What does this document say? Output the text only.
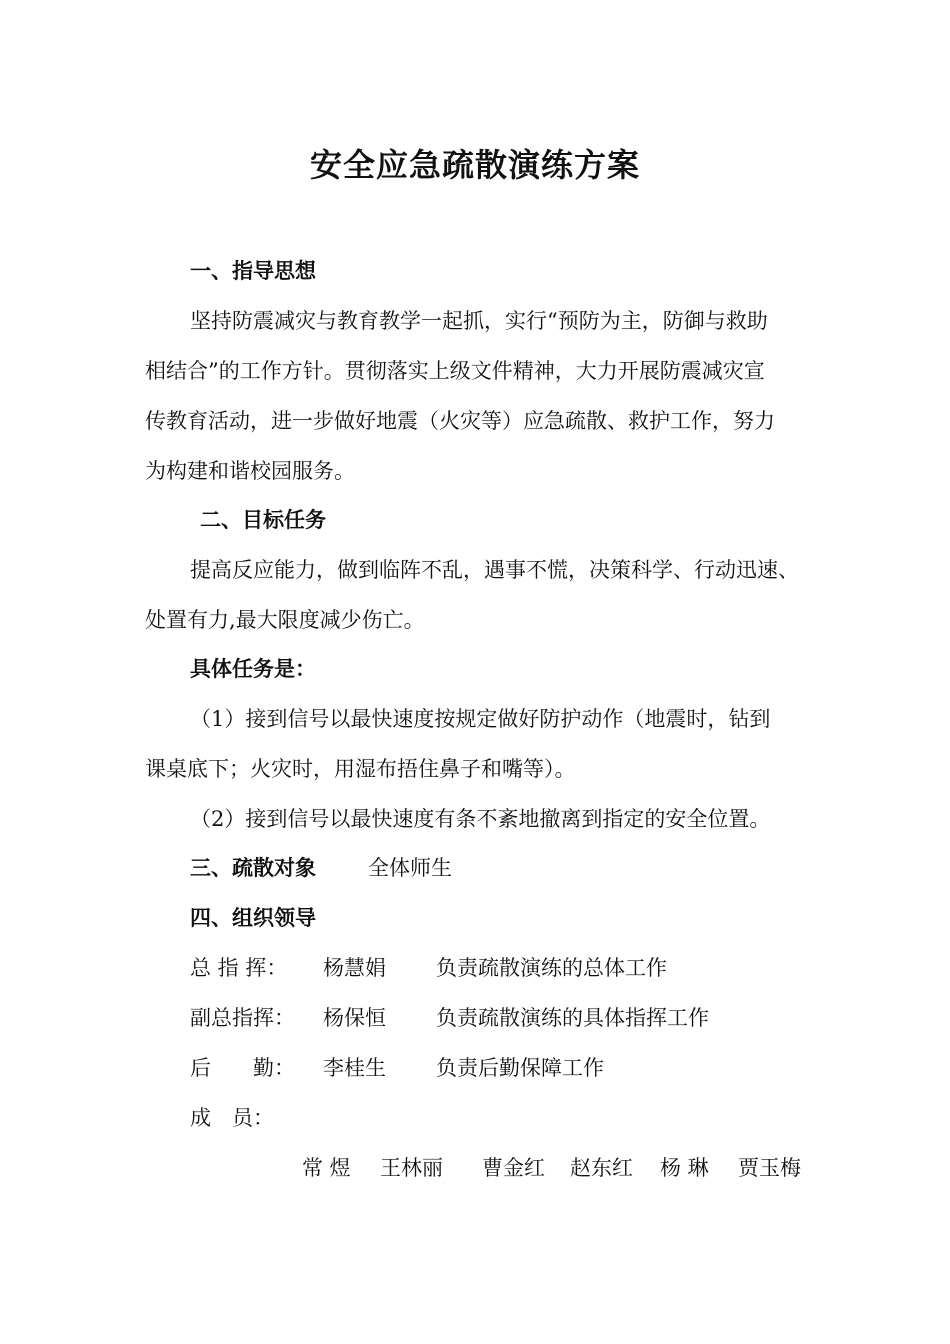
安全应急疏散演练方案
一、指导思想
坚持防震减灾与教育教学一起抓，实行“预防为主，防御与救助
相结合”的工作方针。贯彻落实上级文件精神，大力开展防震减灾宣
传教育活动，进一步做好地震（火灾等）应急疏散、救护工作，努力
为构建和谐校园服务。
二、目标任务
提高反应能力，做到临阵不乱，遇事不慌，决策科学、行动迅速、
处置有力,最大限度减少伤亡。
具体任务是：
（1）接到信号以最快速度按规定做好防护动作（地震时，钻到
课桌底下；火灾时，用湿布捂住鼻子和嘴等）。
（2）接到信号以最快速度有条不紊地撤离到指定的安全位置。
三、疏散对象 全体师生
四、组织领导
总 指 挥： 杨慧娟 负责疏散演练的总体工作
副总指挥： 杨保恒 负责疏散演练的具体指挥工作
后　　勤： 李桂生 负责后勤保障工作
成　员：
常 煜 王林丽 曹金红 赵东红 杨 琳 贾玉梅
